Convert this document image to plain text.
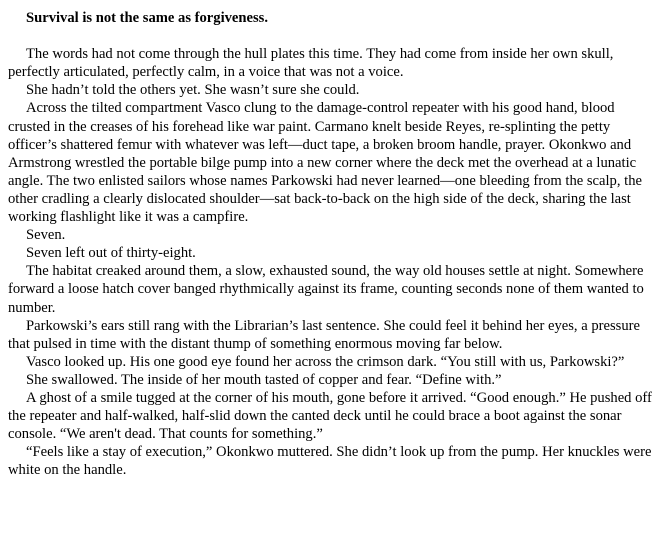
Survival is not the same as forgiveness.

The words had not come through the hull plates this time. They had come from inside her own skull, perfectly articulated, perfectly calm, in a voice that was not a voice.

She hadn’t told the others yet. She wasn’t sure she could.

Across the tilted compartment Vasco clung to the damage-control repeater with his good hand, blood crusted in the creases of his forehead like war paint. Carmano knelt beside Reyes, re-splinting the petty officer’s shattered femur with whatever was left—duct tape, a broken broom handle, prayer. Okonkwo and Armstrong wrestled the portable bilge pump into a new corner where the deck met the overhead at a lunatic angle. The two enlisted sailors whose names Parkowski had never learned—one bleeding from the scalp, the other cradling a clearly dislocated shoulder—sat back-to-back on the high side of the deck, sharing the last working flashlight like it was a campfire.

Seven.

Seven left out of thirty-eight.

The habitat creaked around them, a slow, exhausted sound, the way old houses settle at night. Somewhere forward a loose hatch cover banged rhythmically against its frame, counting seconds none of them wanted to number.

Parkowski’s ears still rang with the Librarian’s last sentence. She could feel it behind her eyes, a pressure that pulsed in time with the distant thump of something enormous moving far below.

Vasco looked up. His one good eye found her across the crimson dark. “You still with us, Parkowski?”

She swallowed. The inside of her mouth tasted of copper and fear. “Define with.”

A ghost of a smile tugged at the corner of his mouth, gone before it arrived. “Good enough.” He pushed off the repeater and half-walked, half-slid down the canted deck until he could brace a boot against the sonar console. “We aren't dead. That counts for something.”

“Feels like a stay of execution,” Okonkwo muttered. She didn’t look up from the pump. Her knuckles were white on the handle.
